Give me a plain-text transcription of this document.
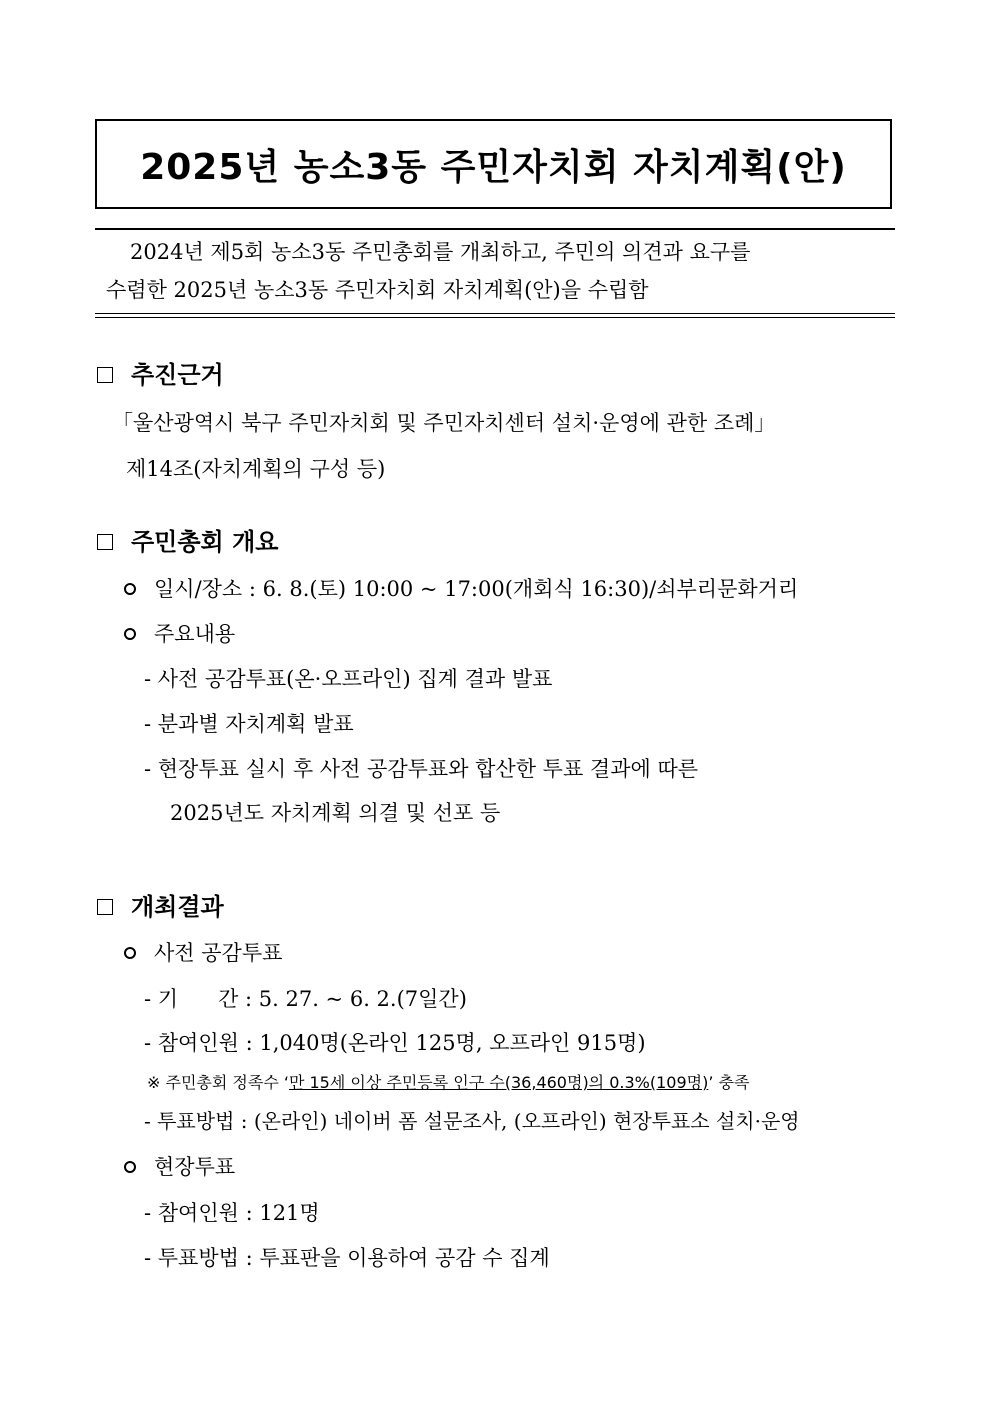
2025년 농소3동 주민자치회 자치계획(안)
2024년 제5회 농소3동 주민총회를 개최하고, 주민의 의견과 요구를
수렴한 2025년 농소3동 주민자치회 자치계획(안)을 수립함
추진근거
「울산광역시 북구 주민자치회 및 주민자치센터 설치·운영에 관한 조례」
제14조(자치계획의 구성 등)
주민총회 개요
일시/장소 : 6. 8.(토) 10:00 ~ 17:00(개회식 16:30)/쇠부리문화거리
주요내용
- 사전 공감투표(온·오프라인) 집계 결과 발표
- 분과별 자치계획 발표
- 현장투표 실시 후 사전 공감투표와 합산한 투표 결과에 따른
2025년도 자치계획 의결 및 선포 등
개최결과
사전 공감투표
- 기 간 : 5. 27. ~ 6. 2.(7일간)
- 참여인원 : 1,040명(온라인 125명, 오프라인 915명)
※ 주민총회 정족수 ‘만 15세 이상 주민등록 인구 수(36,460명)의 0.3%(109명)’ 충족
- 투표방법 : (온라인) 네이버 폼 설문조사, (오프라인) 현장투표소 설치·운영
현장투표
- 참여인원 : 121명
- 투표방법 : 투표판을 이용하여 공감 수 집계
